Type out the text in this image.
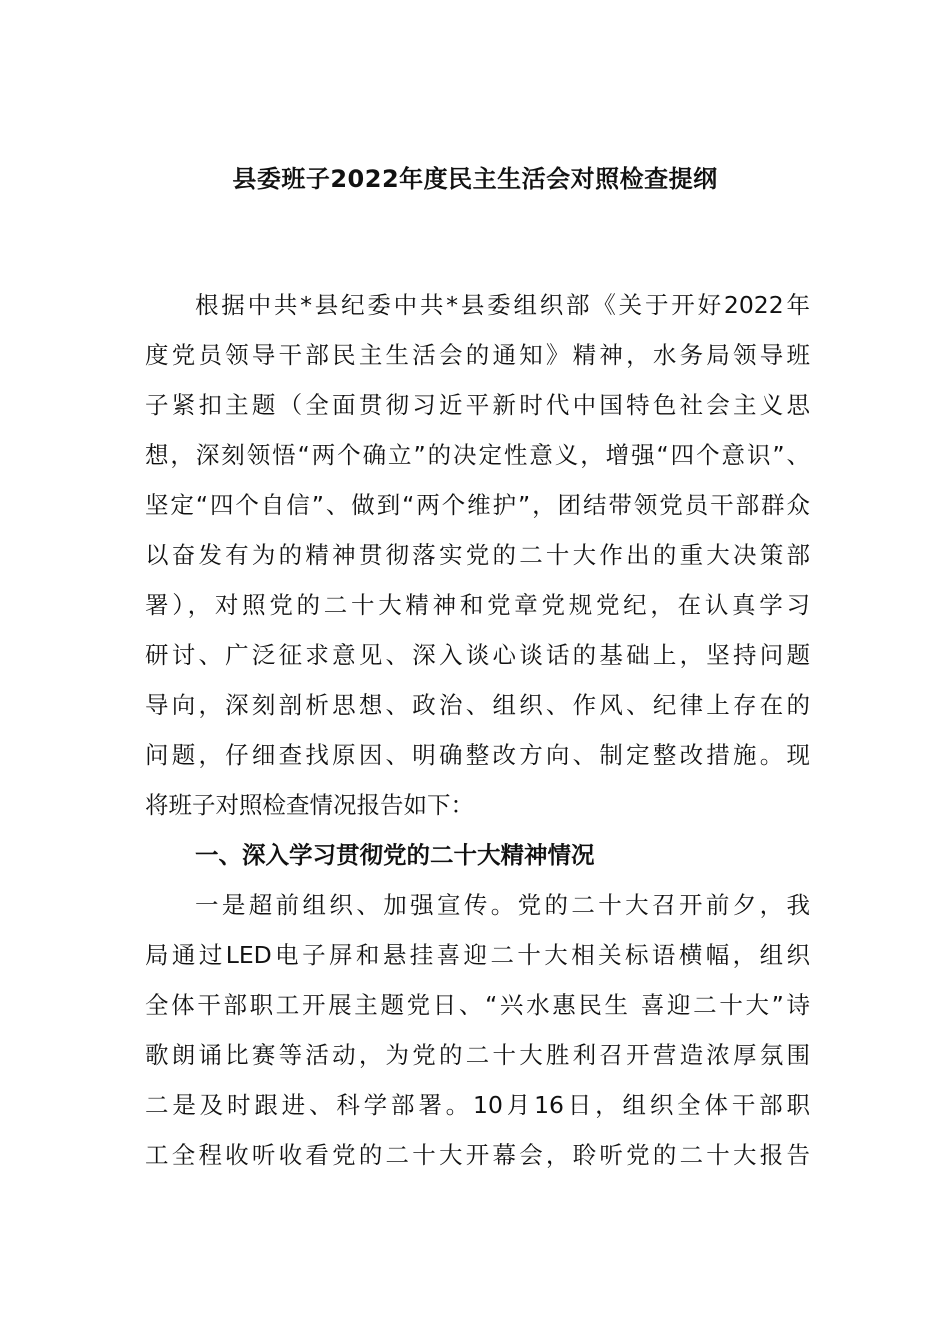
县委班子2022年度民主生活会对照检查提纲
根据中共*县纪委中共*县委组织部《关于开好2022年
度党员领导干部民主生活会的通知》精神，水务局领导班
子紧扣主题（全面贯彻习近平新时代中国特色社会主义思
想，深刻领悟“两个确立”的决定性意义，增强“四个意识”、
坚定“四个自信”、做到“两个维护”，团结带领党员干部群众
以奋发有为的精神贯彻落实党的二十大作出的重大决策部
署），对照党的二十大精神和党章党规党纪，在认真学习
研讨、广泛征求意见、深入谈心谈话的基础上，坚持问题
导向，深刻剖析思想、政治、组织、作风、纪律上存在的
问题，仔细查找原因、明确整改方向、制定整改措施。现
将班子对照检查情况报告如下：
一、深入学习贯彻党的二十大精神情况
一是超前组织、加强宣传。党的二十大召开前夕，我
局通过LED电子屏和悬挂喜迎二十大相关标语横幅，组织
全体干部职工开展主题党日、“兴水惠民生 喜迎二十大”诗
歌朗诵比赛等活动，为党的二十大胜利召开营造浓厚氛围
二是及时跟进、科学部署。10月16日，组织全体干部职
工全程收听收看党的二十大开幕会，聆听党的二十大报告
